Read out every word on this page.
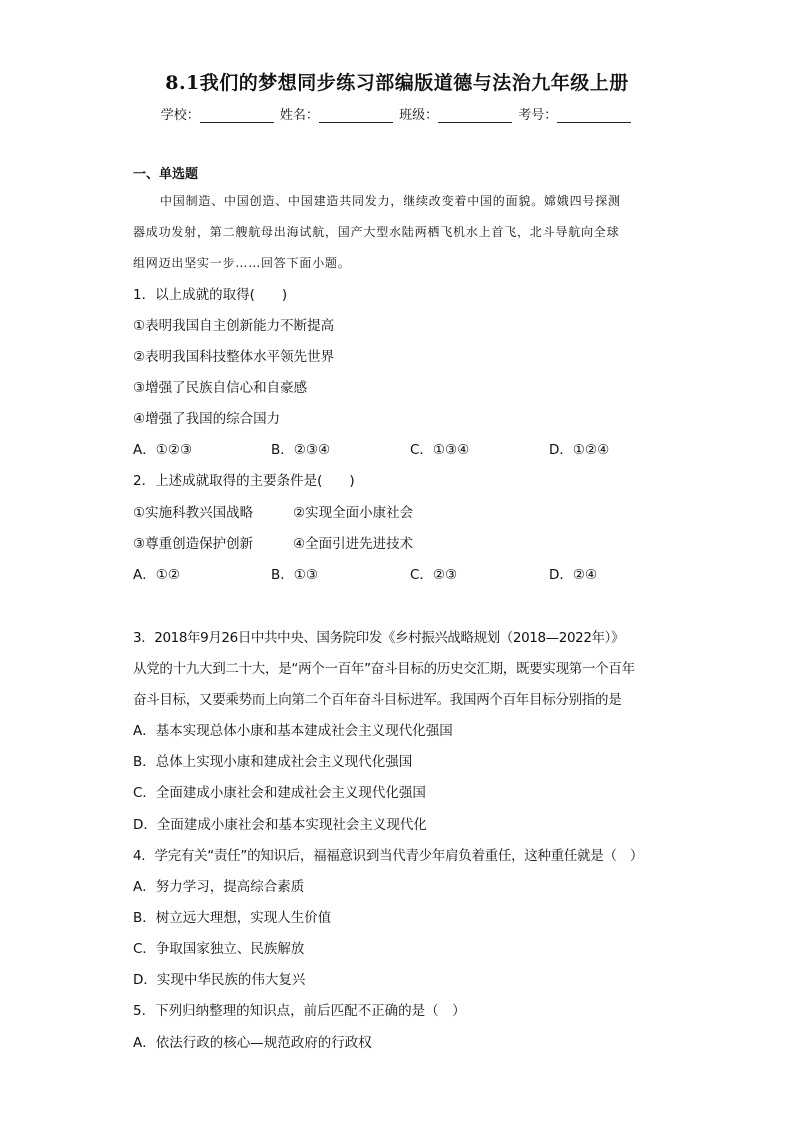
8.1我们的梦想同步练习部编版道德与法治九年级上册
学校：	姓名：	班级：	考号：
一、单选题
中国制造、中国创造、中国建造共同发力，继续改变着中国的面貌。嫦娥四号探测
器成功发射，第二艘航母出海试航，国产大型水陆两栖飞机水上首飞，北斗导航向全球
组网迈出坚实一步……回答下面小题。
1．以上成就的取得(　　)
①表明我国自主创新能力不断提高
②表明我国科技整体水平领先世界
③增强了民族自信心和自豪感
④增强了我国的综合国力
A．①②③	B．②③④	C．①③④	D．①②④
2．上述成就取得的主要条件是(　　)
①实施科教兴国战略	②实现全面小康社会
③尊重创造保护创新	④全面引进先进技术
A．①②	B．①③	C．②③	D．②④
3．2018年9月26日中共中央、国务院印发《乡村振兴战略规划（2018—2022年）》
从党的十九大到二十大，是“两个一百年”奋斗目标的历史交汇期，既要实现第一个百年
奋斗目标，又要乘势而上向第二个百年奋斗目标进军。我国两个百年目标分别指的是
A．基本实现总体小康和基本建成社会主义现代化强国
B．总体上实现小康和建成社会主义现代化强国
C．全面建成小康社会和建成社会主义现代化强国
D．全面建成小康社会和基本实现社会主义现代化
4．学完有关“责任”的知识后，福福意识到当代青少年肩负着重任，这种重任就是（　）
A．努力学习，提高综合素质
B．树立远大理想，实现人生价值
C．争取国家独立、民族解放
D．实现中华民族的伟大复兴
5．下列归纳整理的知识点，前后匹配不正确的是（　）
A．依法行政的核心—规范政府的行政权
